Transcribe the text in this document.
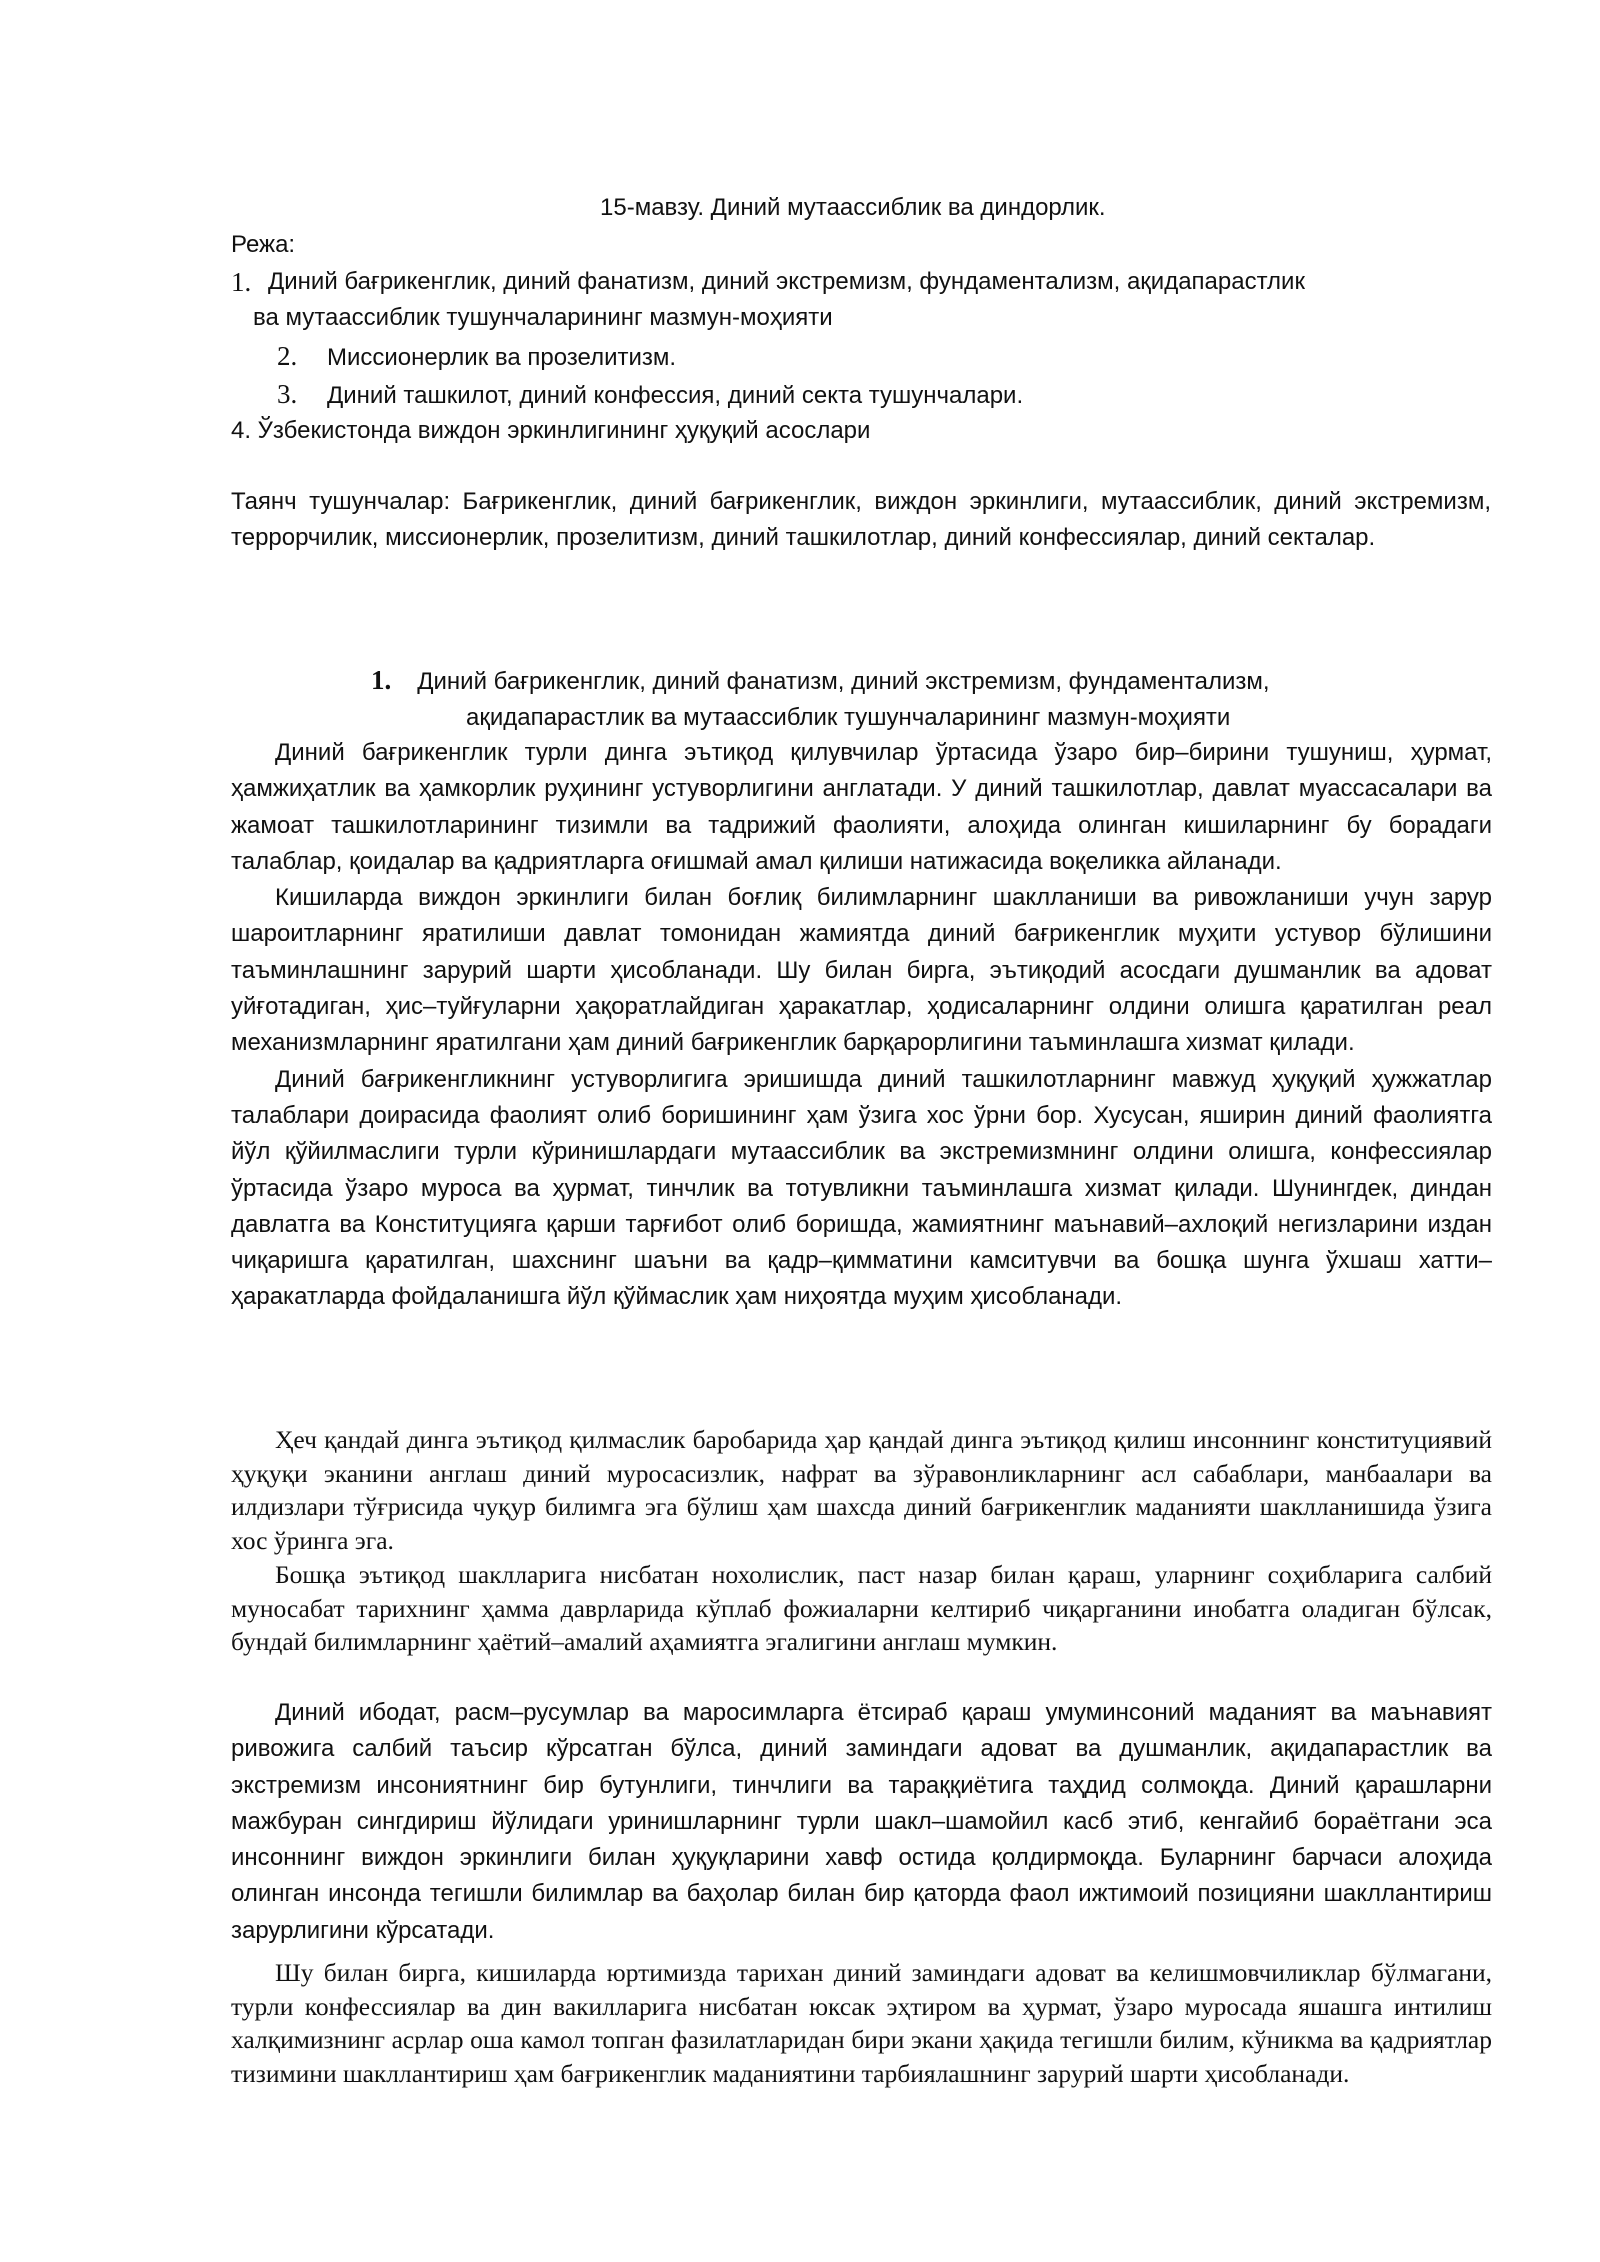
15-мавзу. Диний мутаассиблик ва диндорлик.
Режа:
1. Диний бағрикенглик, диний фанатизм, диний экстремизм, фундаментализм, ақидапарастлик
ва мутаассиблик тушунчаларининг мазмун-моҳияти
2. Миссионерлик ва прозелитизм.
3. Диний ташкилот, диний конфессия, диний секта тушунчалари.
4. Ўзбекистонда виждон эркинлигининг ҳуқуқий асослари
Таянч тушунчалар: Бағрикенглик, диний бағрикенглик, виждон эркинлиги, мутаассиблик, диний экстремизм, террорчилик, миссионерлик, прозелитизм, диний ташкилотлар, диний конфессиялар, диний секталар.
1. Диний бағрикенглик, диний фанатизм, диний экстремизм, фундаментализм,
ақидапарастлик ва мутаассиблик тушунчаларининг мазмун-моҳияти

Диний бағрикенглик турли динга эътиқод қилувчилар ўртасида ўзаро бир–бирини тушуниш, ҳурмат, ҳамжиҳатлик ва ҳамкорлик руҳининг устуворлигини англатади. У диний ташкилотлар, давлат муассасалари ва жамоат ташкилотларининг тизимли ва тадрижий фаолияти, алоҳида олинган кишиларнинг бу борадаги талаблар, қоидалар ва қадриятларга оғишмай амал қилиши натижасида воқеликка айланади.

Кишиларда виждон эркинлиги билан боғлиқ билимларнинг шаклланиши ва ривожланиши учун зарур шароитларнинг яратилиши давлат томонидан жамиятда диний бағрикенглик муҳити устувор бўлишини таъминлашнинг зарурий шарти ҳисобланади. Шу билан бирга, эътиқодий асосдаги душманлик ва адоват уйғотадиган, ҳис–туйғуларни ҳақоратлайдиган ҳаракатлар, ҳодисаларнинг олдини олишга қаратилган реал механизмларнинг яратилгани ҳам диний бағрикенглик барқарорлигини таъминлашга хизмат қилади.

Диний бағрикенгликнинг устуворлигига эришишда диний ташкилотларнинг мавжуд ҳуқуқий ҳужжатлар талаблари доирасида фаолият олиб боришининг ҳам ўзига хос ўрни бор. Хусусан, яширин диний фаолиятга йўл қўйилмаслиги турли кўринишлардаги мутаассиблик ва экстремизмнинг олдини олишга, конфессиялар ўртасида ўзаро муроса ва ҳурмат, тинчлик ва тотувликни таъминлашга хизмат қилади. Шунингдек, диндан давлатга ва Конституцияга қарши тарғибот олиб боришда, жамиятнинг маънавий–ахлоқий негизларини издан чиқаришга қаратилган, шахснинг шаъни ва қадр–қимматини камситувчи ва бошқа шунга ўхшаш хатти–ҳаракатларда фойдаланишга йўл қўймаслик ҳам ниҳоятда муҳим ҳисобланади.

Ҳеч қандай динга эътиқод қилмаслик баробарида ҳар қандай динга эътиқод қилиш инсоннинг конституциявий ҳуқуқи эканини англаш диний муросасизлик, нафрат ва зўравонликларнинг асл сабаблари, манбаалари ва илдизлари тўғрисида чуқур билимга эга бўлиш ҳам шахсда диний бағрикенглик маданияти шаклланишида ўзига хос ўринга эга.

Бошқа эътиқод шаклларига нисбатан нохолислик, паст назар билан қараш, уларнинг соҳибларига салбий муносабат тарихнинг ҳамма даврларида кўплаб фожиаларни келтириб чиқарганини инобатга оладиган бўлсак, бундай билимларнинг ҳаётий–амалий аҳамиятга эгалигини англаш мумкин.

Диний ибодат, расм–русумлар ва маросимларга ётсираб қараш умуминсоний маданият ва маънавият ривожига салбий таъсир кўрсатган бўлса, диний заминдаги адоват ва душманлик, ақидапарастлик ва экстремизм инсониятнинг бир бутунлиги, тинчлиги ва тараққиётига таҳдид солмоқда. Диний қарашларни мажбуран сингдириш йўлидаги уринишларнинг турли шакл–шамойил касб этиб, кенгайиб бораётгани эса инсоннинг виждон эркинлиги билан ҳуқуқларини хавф остида қолдирмоқда. Буларнинг барчаси алоҳида олинган инсонда тегишли билимлар ва баҳолар билан бир қаторда фаол ижтимоий позицияни шакллантириш зарурлигини кўрсатади.

Шу билан бирга, кишиларда юртимизда тарихан диний заминдаги адоват ва келишмовчиликлар бўлмагани, турли конфессиялар ва дин вакилларига нисбатан юксак эҳтиром ва ҳурмат, ўзаро муросада яшашга интилиш халқимизнинг асрлар оша камол топган фазилатларидан бири экани ҳақида тегишли билим, кўникма ва қадриятлар тизимини шакллантириш ҳам бағрикенглик маданиятини тарбиялашнинг зарурий шарти ҳисобланади.
